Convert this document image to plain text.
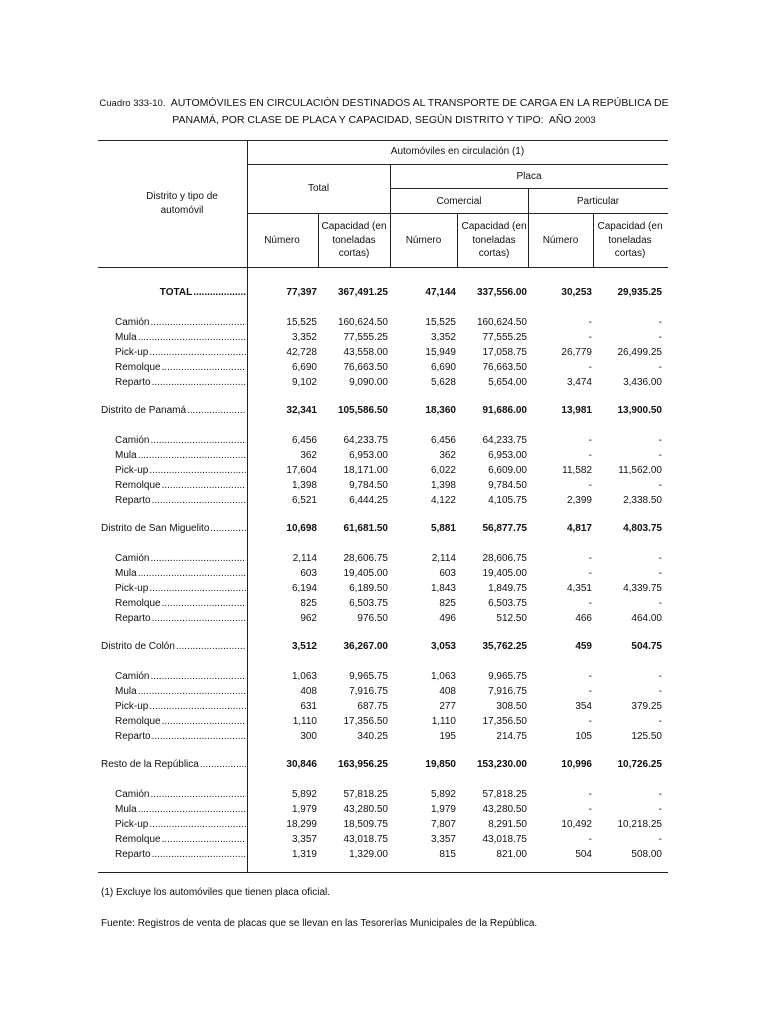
Cuadro 333-10. AUTOMÓVILES EN CIRCULACIÓN DESTINADOS AL TRANSPORTE DE CARGA EN LA REPÚBLICA DE
PANAMÁ, POR CLASE DE PLACA Y CAPACIDAD, SEGÚN DISTRITO Y TIPO: AÑO 2003
Distrito y tipo de automóvil
Automóviles en circulación (1)
Total
Placa
Comercial	Particular
Número
Capacidad (en toneladas cortas)
Número
Capacidad (en toneladas cortas)
Número
Capacidad (en toneladas cortas)
TOTAL...................	77,397	367,491.25	47,144	337,556.00	30,253	29,935.25
Camión .....	15,525	160,624.50	15,525	160,624.50	-	-
Mula .....	3,352	77,555.25	3,352	77,555.25	-	-
Pick-up .....	42,728	43,558.00	15,949	17,058.75	26,779	26,499.25
Remolque .....	6,690	76,663.50	6,690	76,663.50	-	-
Reparto .....	9,102	9,090.00	5,628	5,654.00	3,474	3,436.00
Distrito de Panamá .....	32,341	105,586.50	18,360	91,686.00	13,981	13,900.50
Camión .....	6,456	64,233.75	6,456	64,233.75	-	-
Mula .....	362	6,953.00	362	6,953.00	-	-
Pick-up .....	17,604	18,171.00	6,022	6,609.00	11,582	11,562.00
Remolque .....	1,398	9,784.50	1,398	9,784.50	-	-
Reparto .....	6,521	6,444.25	4,122	4,105.75	2,399	2,338.50
Distrito de San Miguelito .....	10,698	61,681.50	5,881	56,877.75	4,817	4,803.75
Camión .....	2,114	28,606.75	2,114	28,606.75	-	-
Mula .....	603	19,405.00	603	19,405.00	-	-
Pick-up .....	6,194	6,189.50	1,843	1,849.75	4,351	4,339.75
Remolque .....	825	6,503.75	825	6,503.75	-	-
Reparto .....	962	976.50	496	512.50	466	464.00
Distrito de Colón .....	3,512	36,267.00	3,053	35,762.25	459	504.75
Camión .....	1,063	9,965.75	1,063	9,965.75	-	-
Mula .....	408	7,916.75	408	7,916.75	-	-
Pick-up .....	631	687.75	277	308.50	354	379.25
Remolque .....	1,110	17,356.50	1,110	17,356.50	-	-
Reparto .....	300	340.25	195	214.75	105	125.50
Resto de la República .....	30,846	163,956.25	19,850	153,230.00	10,996	10,726.25
Camión .....	5,892	57,818.25	5,892	57,818.25	-	-
Mula .....	1,979	43,280.50	1,979	43,280.50	-	-
Pick-up .....	18,299	18,509.75	7,807	8,291.50	10,492	10,218.25
Remolque .....	3,357	43,018.75	3,357	43,018.75	-	-
Reparto .....	1,319	1,329.00	815	821.00	504	508.00
(1) Excluye los automóviles que tienen placa oficial.
Fuente: Registros de venta de placas que se llevan en las Tesorerías Municipales de la República.
